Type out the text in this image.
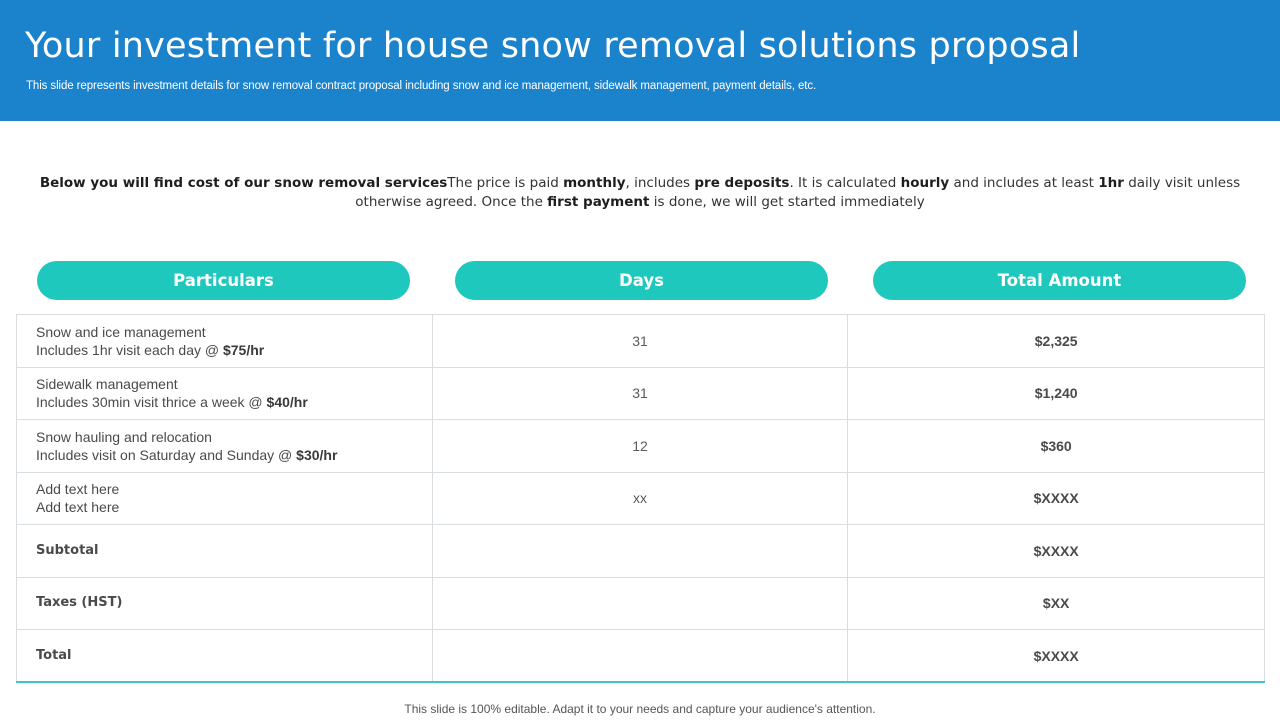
Your investment for house snow removal solutions proposal
This slide represents investment details for snow removal contract proposal including snow and ice management, sidewalk management, payment details, etc.
Below you will find cost of our snow removal servicesThe price is paid monthly, includes pre deposits. It is calculated hourly and includes at least 1hr daily visit unless otherwise agreed. Once the first payment is done, we will get started immediately
Particulars	Days	Total Amount
Snow and ice management
Includes 1hr visit each day @ $75/hr	31	$2,325

Sidewalk management
Includes 30min visit thrice a week @ $40/hr	31	$1,240

Snow hauling and relocation
Includes visit on Saturday and Sunday @ $30/hr	12	$360

Add text here
Add text here	xx	$XXXX
Subtotal		$XXXX
Taxes (HST)		$XX
Total		$XXXX
This slide is 100% editable. Adapt it to your needs and capture your audience's attention.
